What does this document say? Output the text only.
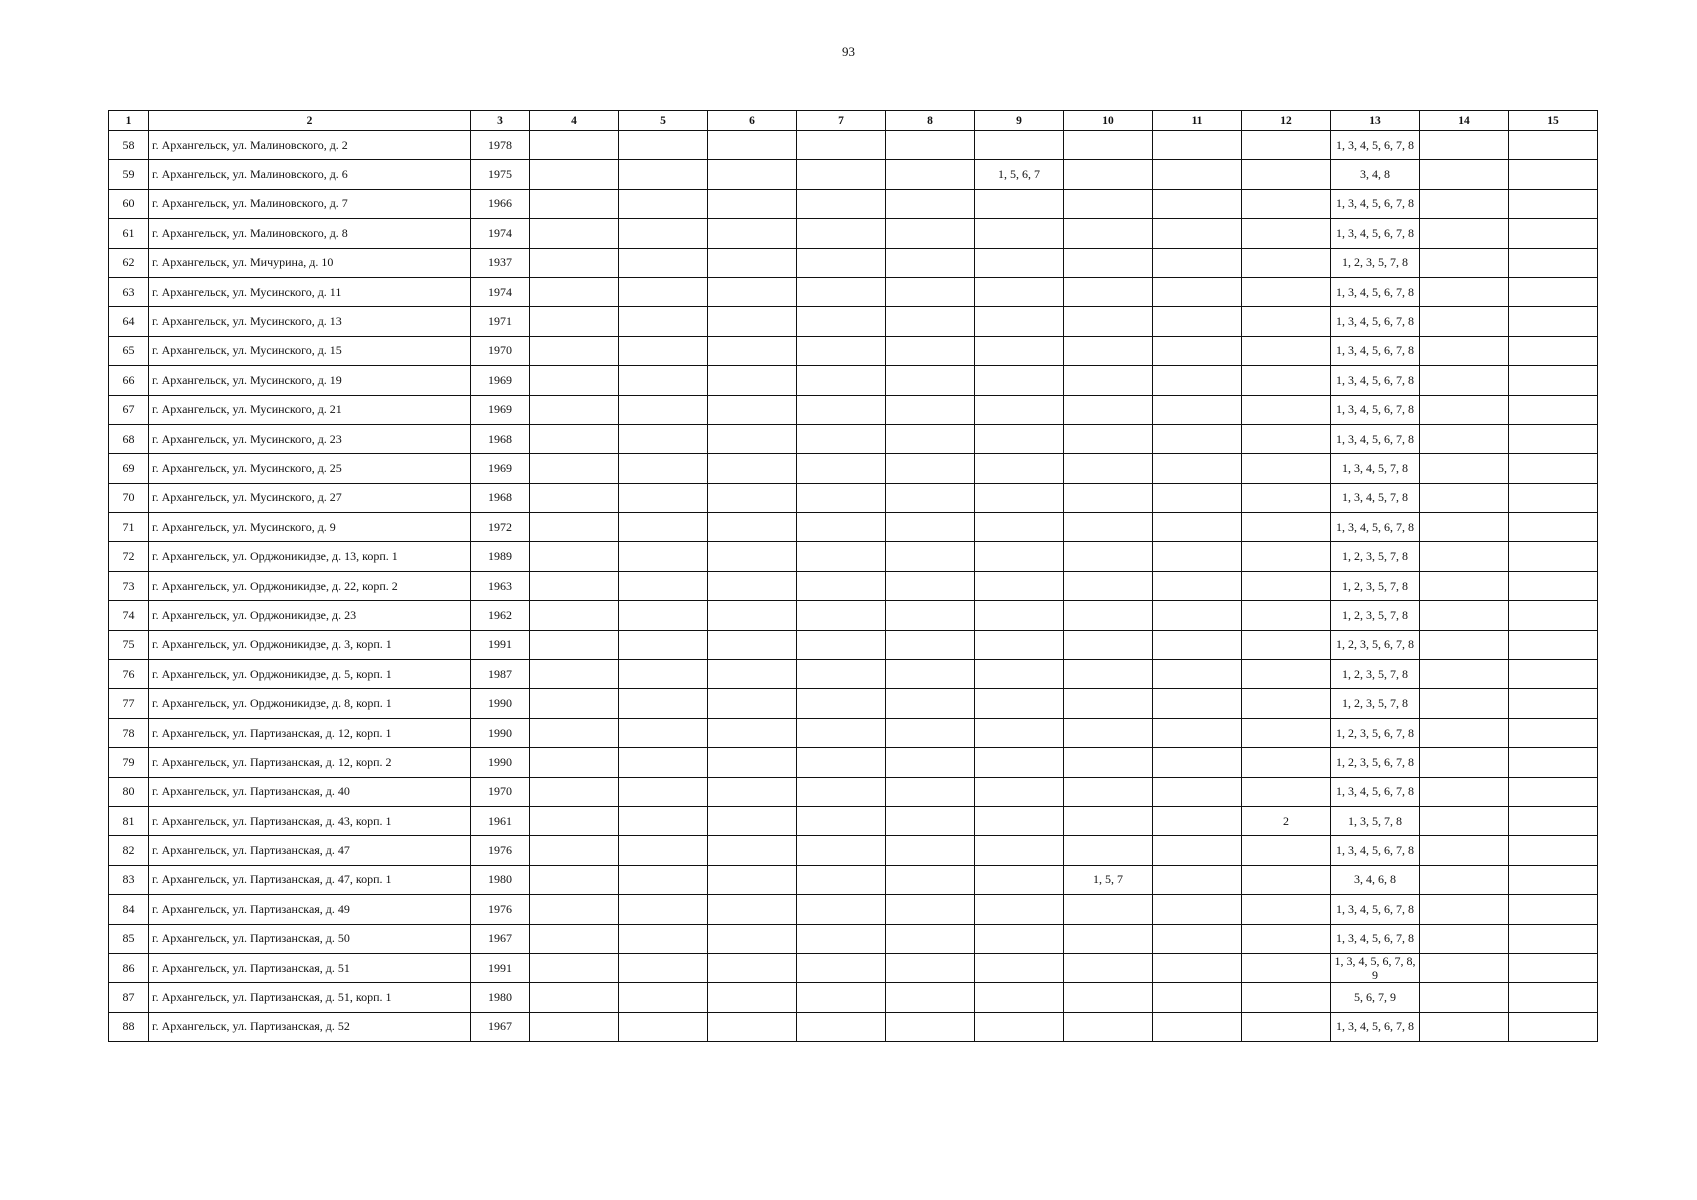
93
1	2	3	4	5	6	7	8	9	10	11	12	13	14	15
58	г. Архангельск, ул. Малиновского, д. 2	1978										1, 3, 4, 5, 6, 7, 8		
59	г. Архангельск, ул. Малиновского, д. 6	1975						1, 5, 6, 7				3, 4, 8		
60	г. Архангельск, ул. Малиновского, д. 7	1966										1, 3, 4, 5, 6, 7, 8		
61	г. Архангельск, ул. Малиновского, д. 8	1974										1, 3, 4, 5, 6, 7, 8		
62	г. Архангельск, ул. Мичурина, д. 10	1937										1, 2, 3, 5, 7, 8		
63	г. Архангельск, ул. Мусинского, д. 11	1974										1, 3, 4, 5, 6, 7, 8		
64	г. Архангельск, ул. Мусинского, д. 13	1971										1, 3, 4, 5, 6, 7, 8		
65	г. Архангельск, ул. Мусинского, д. 15	1970										1, 3, 4, 5, 6, 7, 8		
66	г. Архангельск, ул. Мусинского, д. 19	1969										1, 3, 4, 5, 6, 7, 8		
67	г. Архангельск, ул. Мусинского, д. 21	1969										1, 3, 4, 5, 6, 7, 8		
68	г. Архангельск, ул. Мусинского, д. 23	1968										1, 3, 4, 5, 6, 7, 8		
69	г. Архангельск, ул. Мусинского, д. 25	1969										1, 3, 4, 5, 7, 8		
70	г. Архангельск, ул. Мусинского, д. 27	1968										1, 3, 4, 5, 7, 8		
71	г. Архангельск, ул. Мусинского, д. 9	1972										1, 3, 4, 5, 6, 7, 8		
72	г. Архангельск, ул. Орджоникидзе, д. 13, корп. 1	1989										1, 2, 3, 5, 7, 8		
73	г. Архангельск, ул. Орджоникидзе, д. 22, корп. 2	1963										1, 2, 3, 5, 7, 8		
74	г. Архангельск, ул. Орджоникидзе, д. 23	1962										1, 2, 3, 5, 7, 8		
75	г. Архангельск, ул. Орджоникидзе, д. 3, корп. 1	1991										1, 2, 3, 5, 6, 7, 8		
76	г. Архангельск, ул. Орджоникидзе, д. 5, корп. 1	1987										1, 2, 3, 5, 7, 8		
77	г. Архангельск, ул. Орджоникидзе, д. 8, корп. 1	1990										1, 2, 3, 5, 7, 8		
78	г. Архангельск, ул. Партизанская, д. 12, корп. 1	1990										1, 2, 3, 5, 6, 7, 8		
79	г. Архангельск, ул. Партизанская, д. 12, корп. 2	1990										1, 2, 3, 5, 6, 7, 8		
80	г. Архангельск, ул. Партизанская, д. 40	1970										1, 3, 4, 5, 6, 7, 8		
81	г. Архангельск, ул. Партизанская, д. 43, корп. 1	1961									2	1, 3, 5, 7, 8		
82	г. Архангельск, ул. Партизанская, д. 47	1976										1, 3, 4, 5, 6, 7, 8		
83	г. Архангельск, ул. Партизанская, д. 47, корп. 1	1980							1, 5, 7			3, 4, 6, 8		
84	г. Архангельск, ул. Партизанская, д. 49	1976										1, 3, 4, 5, 6, 7, 8		
85	г. Архангельск, ул. Партизанская, д. 50	1967										1, 3, 4, 5, 6, 7, 8		
86	г. Архангельск, ул. Партизанская, д. 51	1991										1, 3, 4, 5, 6, 7, 8, 9		
87	г. Архангельск, ул. Партизанская, д. 51, корп. 1	1980										5, 6, 7, 9		
88	г. Архангельск, ул. Партизанская, д. 52	1967										1, 3, 4, 5, 6, 7, 8		
